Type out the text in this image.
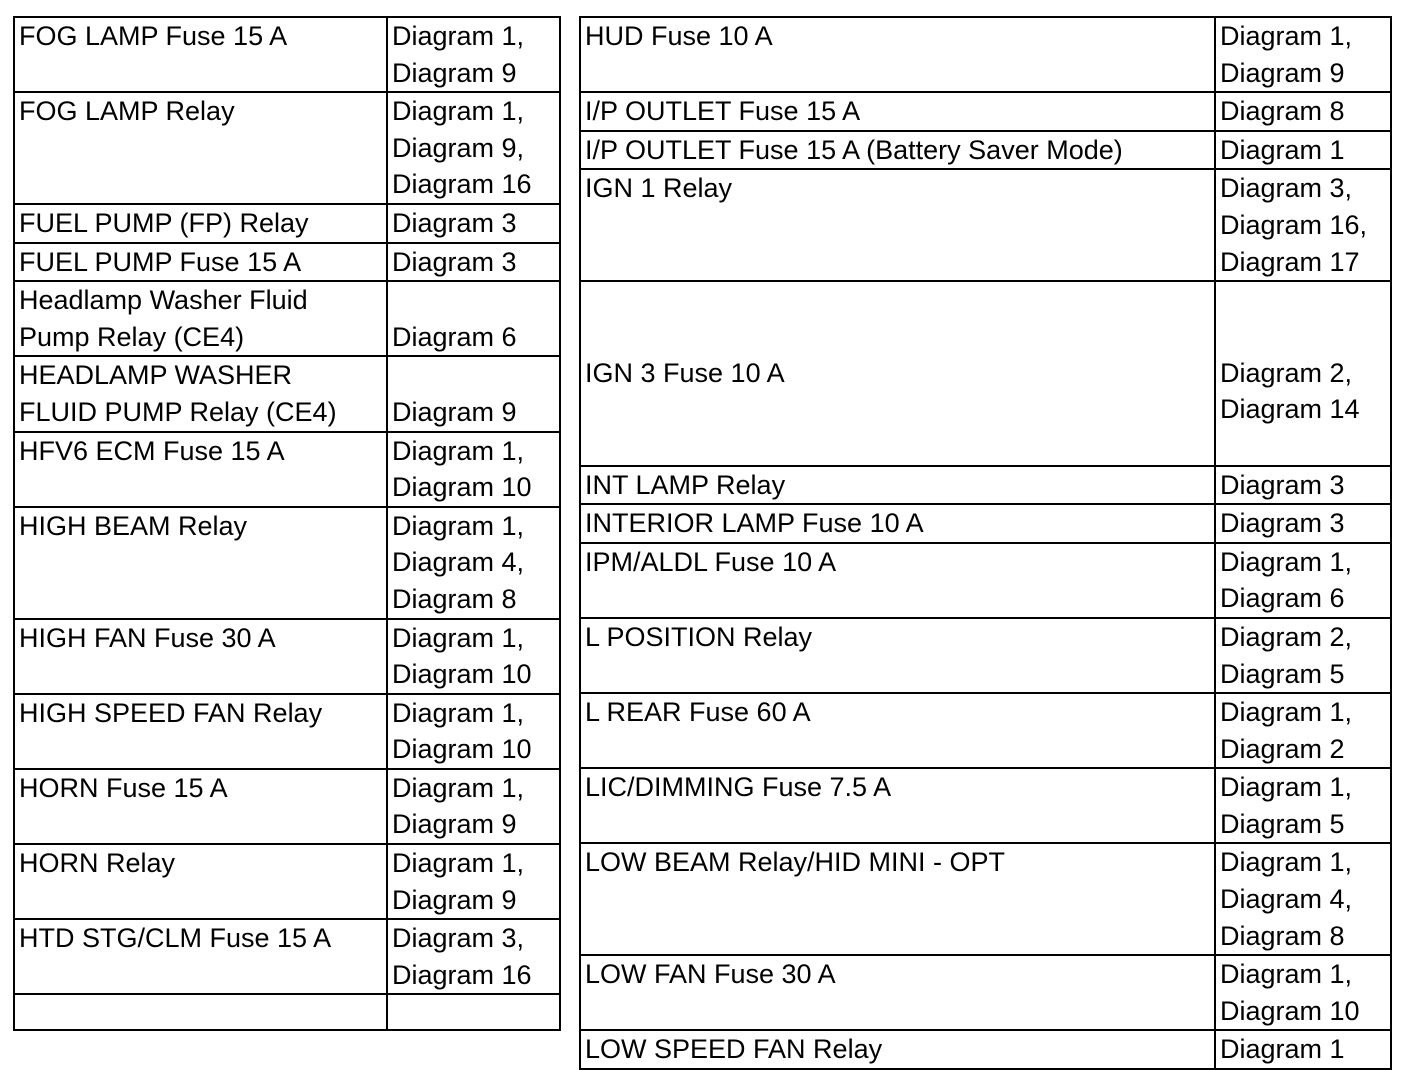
FOG LAMP Fuse 15 A	Diagram 1,
Diagram 9
FOG LAMP Relay	Diagram 1,
Diagram 9,
Diagram 16
FUEL PUMP (FP) Relay	Diagram 3
FUEL PUMP Fuse 15 A	Diagram 3
Headlamp Washer Fluid
Pump Relay (CE4)	Diagram 6
HEADLAMP WASHER
FLUID PUMP Relay (CE4)	Diagram 9
HFV6 ECM Fuse 15 A	Diagram 1,
Diagram 10
HIGH BEAM Relay	Diagram 1,
Diagram 4,
Diagram 8
HIGH FAN Fuse 30 A	Diagram 1,
Diagram 10
HIGH SPEED FAN Relay	Diagram 1,
Diagram 10
HORN Fuse 15 A	Diagram 1,
Diagram 9
HORN Relay	Diagram 1,
Diagram 9
HTD STG/CLM Fuse 15 A	Diagram 3,
Diagram 16

HUD Fuse 10 A	Diagram 1,
Diagram 9
I/P OUTLET Fuse 15 A	Diagram 8
I/P OUTLET Fuse 15 A (Battery Saver Mode)	Diagram 1
IGN 1 Relay	Diagram 3,
Diagram 16,
Diagram 17
IGN 3 Fuse 10 A	Diagram 2,
Diagram 14

INT LAMP Relay	Diagram 3
INTERIOR LAMP Fuse 10 A	Diagram 3
IPM/ALDL Fuse 10 A	Diagram 1,
Diagram 6
L POSITION Relay	Diagram 2,
Diagram 5
L REAR Fuse 60 A	Diagram 1,
Diagram 2
LIC/DIMMING Fuse 7.5 A	Diagram 1,
Diagram 5
LOW BEAM Relay/HID MINI - OPT	Diagram 1,
Diagram 4,
Diagram 8
LOW FAN Fuse 30 A	Diagram 1,
Diagram 10
LOW SPEED FAN Relay	Diagram 1
